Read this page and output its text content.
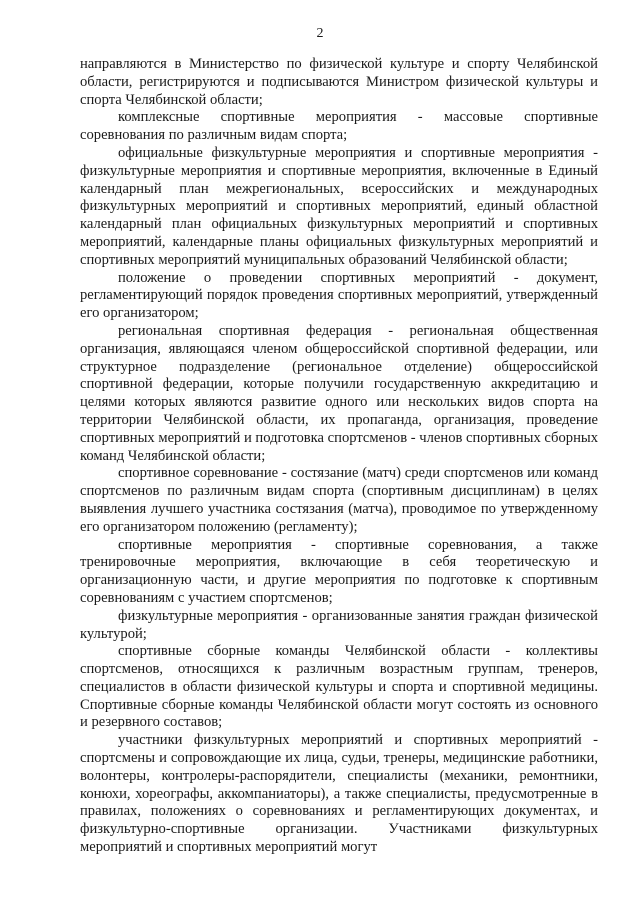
2

направляются в Министерство по физической культуре и спорту Челябинской области, регистрируются и подписываются Министром физической культуры и спорта Челябинской области;

комплексные спортивные мероприятия - массовые спортивные соревнования по различным видам спорта;

официальные физкультурные мероприятия и спортивные мероприятия - физкультурные мероприятия и спортивные мероприятия, включенные в Единый календарный план межрегиональных, всероссийских и международных физкультурных мероприятий и спортивных мероприятий, единый областной календарный план официальных физкультурных мероприятий и спортивных мероприятий, календарные планы официальных физкультурных мероприятий и спортивных мероприятий муниципальных образований Челябинской области;

положение о проведении спортивных мероприятий - документ, регламентирующий порядок проведения спортивных мероприятий, утвержденный его организатором;

региональная спортивная федерация - региональная общественная организация, являющаяся членом общероссийской спортивной федерации, или структурное подразделение (региональное отделение) общероссийской спортивной федерации, которые получили государственную аккредитацию и целями которых являются развитие одного или нескольких видов спорта на территории Челябинской области, их пропаганда, организация, проведение спортивных мероприятий и подготовка спортсменов - членов спортивных сборных команд Челябинской области;

спортивное соревнование - состязание (матч) среди спортсменов или команд спортсменов по различным видам спорта (спортивным дисциплинам) в целях выявления лучшего участника состязания (матча), проводимое по утвержденному его организатором положению (регламенту);

спортивные мероприятия - спортивные соревнования, а также тренировочные мероприятия, включающие в себя теоретическую и организационную части, и другие мероприятия по подготовке к спортивным соревнованиям с участием спортсменов;

физкультурные мероприятия - организованные занятия граждан физической культурой;

спортивные сборные команды Челябинской области - коллективы спортсменов, относящихся к различным возрастным группам, тренеров, специалистов в области физической культуры и спорта и спортивной медицины. Спортивные сборные команды Челябинской области могут состоять из основного и резервного составов;

участники физкультурных мероприятий и спортивных мероприятий - спортсмены и сопровождающие их лица, судьи, тренеры, медицинские работники, волонтеры, контролеры-распорядители, специалисты (механики, ремонтники, конюхи, хореографы, аккомпаниаторы), а также специалисты, предусмотренные в правилах, положениях о соревнованиях и регламентирующих документах, и физкультурно-спортивные организации. Участниками физкультурных мероприятий и спортивных мероприятий могут
